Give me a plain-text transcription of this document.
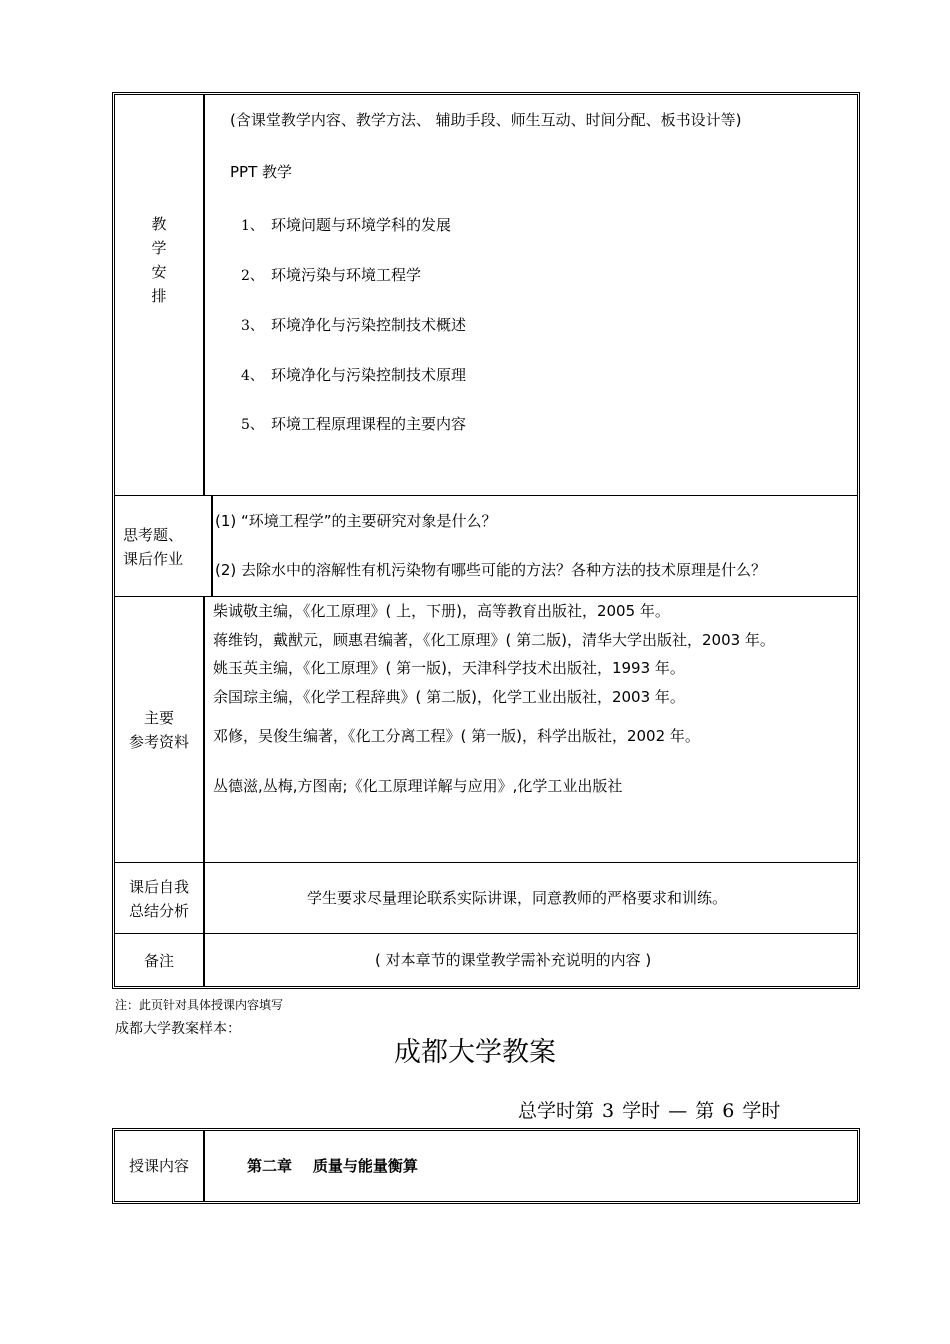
教
学
安
排
(含课堂教学内容、教学方法、 辅助手段、师生互动、时间分配、板书设计等)
PPT 教学
1、 环境问题与环境学科的发展
2、 环境污染与环境工程学
3、 环境净化与污染控制技术概述
4、 环境净化与污染控制技术原理
5、 环境工程原理课程的主要内容
思考题、
课后作业
(1) “环境工程学”的主要研究对象是什么？
(2) 去除水中的溶解性有机污染物有哪些可能的方法？各种方法的技术原理是什么？
主要
参考资料
柴诚敬主编，《化工原理》( 上，下册)，高等教育出版社，2005 年。
蒋维钧，戴猷元，顾惠君编著，《化工原理》( 第二版)，清华大学出版社，2003 年。
姚玉英主编，《化工原理》( 第一版)，天津科学技术出版社，1993 年。
余国琮主编，《化学工程辞典》( 第二版)，化学工业出版社，2003 年。
邓修，吴俊生编著，《化工分离工程》( 第一版)，科学出版社，2002 年。
丛德滋,丛梅,方图南;《化工原理详解与应用》,化学工业出版社
课后自我
总结分析
学生要求尽量理论联系实际讲课，同意教师的严格要求和训练。
备注	( 对本章节的课堂教学需补充说明的内容 )
注：此页针对具体授课内容填写
成都大学教案样本：
成都大学教案
总学时第 3 学时 — 第 6 学时
授课内容	第二章    质量与能量衡算
